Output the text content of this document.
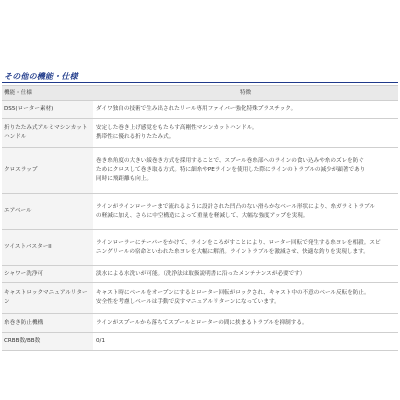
その他の機能・仕様
機能・仕様	特徴
DS5(ローター素材)	ダイワ独自の技術で生み出されたリール専用ファイバー強化特殊プラスチック。

折りたたみ式アルミマシンカットハンドル	安定した巻き上げ感覚をもたらす高剛性マシンカットハンドル。
携帯性に優れる折りたたみ式。

クロスラップ	巻き糸角度の大きい綾巻き方式を採用することで、スプール巻糸部へのラインの食い込みや糸のズレを防ぐ
ためにクロスして巻き取る方式。特に細糸やPEラインを使用した際にラインのトラブルの減少が顕著であり
同時に飛距離も向上。

エアベール	ラインがラインローラーまで流れるように設計された凹凸のない滑らかなベール形状により、糸ガラミトラブル
の軽減に加え、さらに中空構造によって重量を軽減して、大幅な強度アップを実現。

ツイストバスターII	ラインローラーにテーパーをかけて、ラインをころがすことにより、ローター回転で発生する糸ヨレを相殺。スピ
ニングリールの宿命といわれた糸ヨレを大幅に解消。ライントラブルを激減させ、快適な釣りを実現します。

シャワー洗浄可	淡水による水洗いが可能。（洗浄法は取扱説明書に沿ったメンテナンスが必要です）

キャストロックマニュアルリターン	キャスト時にベールをオープンにするとローター回転がロックされ、キャスト中の不意のベール反転を防止。
安全性を考慮しベールは手動で戻すマニュアルリターンになっています。

糸巻き防止機構	ラインがスプールから落ちてスプールとローターの間に挟まるトラブルを抑制する。

CRBB数/BB数	0/1
